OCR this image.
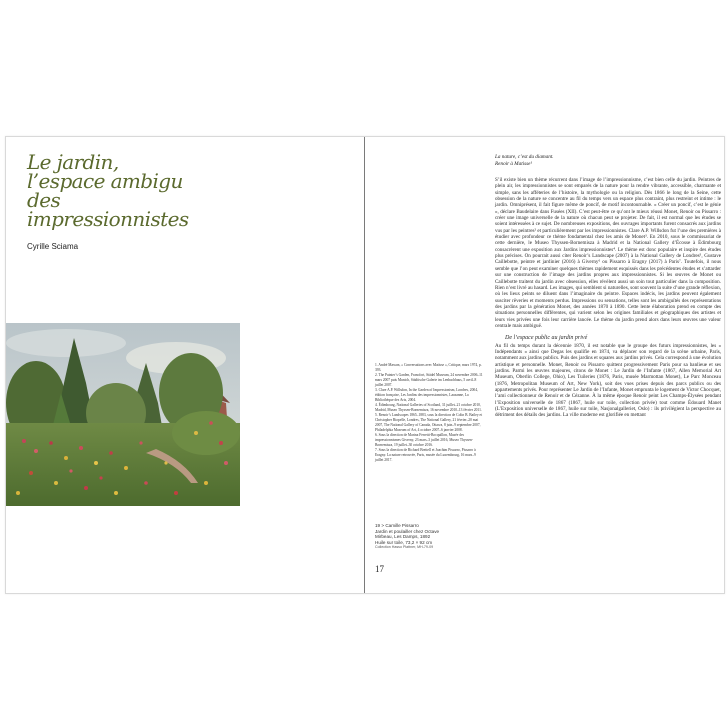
Le jardin,
l’espace ambigu
des
impressionnistes
Cyrille Sciama
La nature, c’est du diamant.
Renoir à Matisse¹

1. André Masson, « Conversations avec Matisse », Critique, mars 1974, p. 393.

2. The Painter’s Garden, Francfort, Städel Museum, 24 novembre 2006–11 mars 2007 puis Munich, Städtische Galerie im Lenbachhaus, 5 avril–8 juillet 2007.

3. Clare A.P. Willsdon, In the Garden of Impressionism, Londres, 2004, édition française, Les Jardins des impressionnistes, Lausanne, La Bibliothèque des Arts, 2004.

4. Édimbourg, National Galleries of Scotland, 31 juillet–21 octobre 2010, Madrid, Museo Thyssen-Bornemisza, 16 novembre 2010–13 février 2011.

5. Renoir’s Landscapes 1865–1883, sous la direction de Colin B. Bailey et Christopher Riopelle, Londres, The National Gallery, 21 février–20 mai 2007, The National Gallery of Canada, Ottawa, 8 juin–9 septembre 2007, Philadelphia Museum of Art, 4 octobre 2007–6 janvier 2008.

6. Sous la direction de Marina Ferretti-Bocquillon, Musée des impressionnismes Giverny, 23 mars–3 juillet 2016, Museo Thyssen-Bornemisza, 19 juillet–30 octobre 2016.

7. Sous la direction de Richard Brettell et Joachim Pissarro, Pissarro à Eragny. La nature retrouvée, Paris, musée du Luxembourg, 16 mars–9 juillet 2017.

19 > Camille Pissarro
Jardin et poulailler chez Octave
Mirbeau, Les Damps, 1892
Huile sur toile, 73,2 × 92 cm
Collection Hasso Plattner, MH-79-09
17

S’il existe bien un thème récurrent dans l’image de l’impressionnisme, c’est bien celle du jardin. Peintres de plein air, les impressionnistes se sont emparés de la nature pour la rendre vibrante, accessible, charmante et simple, sans les afféteries de l’histoire, la mythologie ou la religion. Dès 1866 le long de la Seine, cette obsession de la nature se concentre au fil du temps vers un espace plus contraint, plus restreint et intime : le jardin. Omniprésent, il fait figure même de poncif, de motif incontournable. « Créer un poncif, c’est le génie », déclare Baudelaire dans Fusées (XII). C’est peut-être ce qu’ont le mieux réussi Monet, Renoir ou Pissarro : créer une image universelle de la nature où chacun peut se projeter. De fait, il est normal que les études se soient intéressées à ce sujet. De nombreuses expositions, des ouvrages importants furent consacrés aux jardins vus par les peintres² et particulièrement par les impressionnistes. Clare A.P. Willsdon fut l’une des premières à étudier avec profondeur ce thème fondamental chez les amis de Monet³. En 2010, sous le commissariat de cette dernière, le Museo Thyssen-Bornemisza à Madrid et la National Gallery d’Écosse à Édimbourg consacrèrent une exposition aux Jardins impressionnistes⁴. Le thème est donc populaire et inspire des études plus précises. On pourrait aussi citer Renoir’s Landscape (2007) à la National Gallery de Londres⁵, Gustave Caillebotte, peintre et jardinier (2016) à Giverny⁶ ou Pissarro à Eragny (2017) à Paris⁷. Toutefois, il nous semble que l’on peut examiner quelques thèmes rapidement esquissés dans les précédentes études et s’attarder sur une construction de l’image des jardins propres aux impressionnistes. Si les œuvres de Monet ou Caillebotte traitent du jardin avec obsession, elles révèlent aussi un soin tout particulier dans la composition. Rien n’est livré au hasard. Les images, qui semblent si naturelles, sont souvent la suite d’une grande réflexion, où les lieux peints se diluent dans l’imaginaire du peintre. Espaces indécis, les jardins peuvent également susciter rêveries et moments perdus. Impressions ou sensations, telles sont les ambiguïtés des représentations des jardins par la génération Monet, des années 1870 à 1890. Cette lente élaboration prend en compte des situations personnelles différentes, qui varient selon les origines familiales et géographiques des artistes et leurs vies privées une fois leur carrière lancée. Le thème du jardin prend alors dans leurs œuvres une valeur centrale mais ambiguë.

De l’espace public au jardin privé

Au fil du temps durant la décennie 1870, il est notable que le groupe des futurs impressionnistes, les « Indépendants » ainsi que Degas les qualifie en 1874, va déplacer son regard de la scène urbaine, Paris, notamment aux jardins publics. Puis des jardins et squares aux jardins privés. Cela correspond à une évolution artistique et personnelle. Monet, Renoir ou Pissarro quittent progressivement Paris pour sa banlieue et ses jardins. Parmi les œuvres majeures, citons de Monet : Le Jardin de l’Infante (1867, Allen Memorial Art Museum, Oberlin College, Ohio), Les Tuileries (1876, Paris, musée Marmottan Monet), Le Parc Monceau (1876, Metropolitan Museum of Art, New York), soit des vues prises depuis des parcs publics ou des appartements privés. Pour représenter Le Jardin de l’Infante, Monet emprunta le logement de Victor Chocquet, l’ami collectionneur de Renoir et de Cézanne. À la même époque Renoir peint Les Champs-Élysées pendant l’Exposition universelle de 1867 (1867, huile sur toile, collection privée) tout comme Édouard Manet (L’Exposition universelle de 1867, huile sur toile, Nasjonalgalleriet, Oslo) : ils privilégient la perspective au détriment des détails des jardins. La ville moderne est glorifiée en mettant
